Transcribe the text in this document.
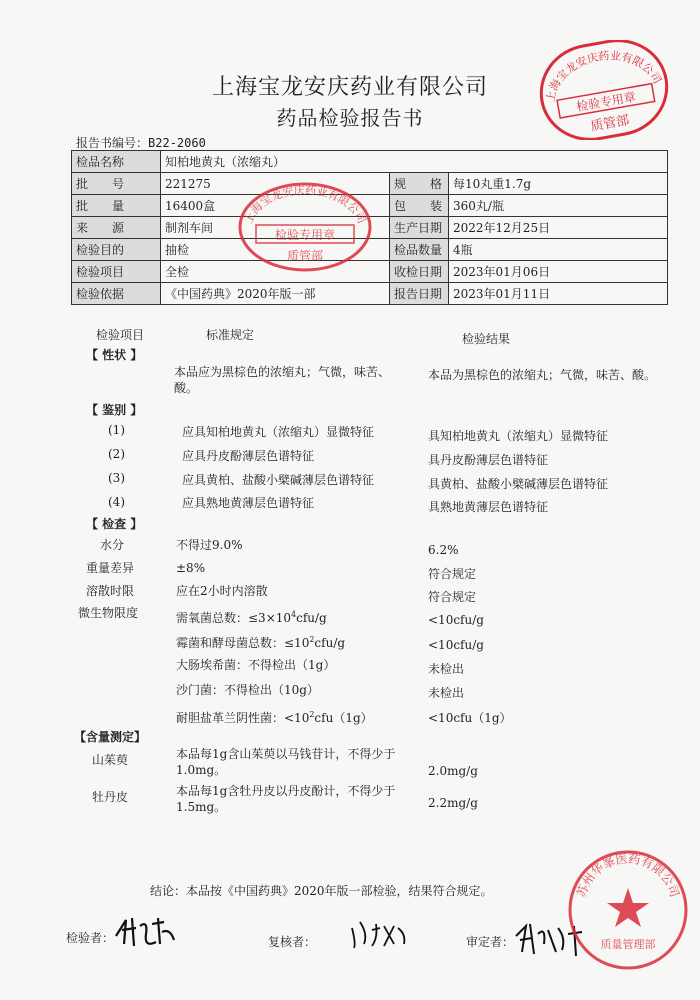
上海宝龙安庆药业有限公司
药品检验报告书
报告书编号：B22-2060
上海宝龙安庆药业有限公司
检验专用章
质管部
检品名称	知柏地黄丸（浓缩丸）		
批　　号	221275	规　　格	每10丸重1.7g
批　　量	16400盒	包　　装	360丸/瓶
来　　源	制剂车间	生产日期	2022年12月25日
检验目的	抽检	检品数量	4瓶
检验项目	全检	收检日期	2023年01月06日
检验依据	《中国药典》2020年版一部	报告日期	2023年01月11日
上海宝龙安庆药业有限公司
检验专用章
质管部
检验项目	标准规定	检验结果
【 性状 】
本品应为黑棕色的浓缩丸；气微，味苦、酸。
本品为黑棕色的浓缩丸；气微，味苦、酸。
【 鉴别 】
(1)	应具知柏地黄丸（浓缩丸）显微特征	具知柏地黄丸（浓缩丸）显微特征
(2)	应具丹皮酚薄层色谱特征	具丹皮酚薄层色谱特征
(3)	应具黄柏、盐酸小檗碱薄层色谱特征	具黄柏、盐酸小檗碱薄层色谱特征
(4)	应具熟地黄薄层色谱特征	具熟地黄薄层色谱特征
【 检查 】
水分	不得过9.0%	6.2%
重量差异	±8%	符合规定
溶散时限	应在2小时内溶散	符合规定
微生物限度	需氧菌总数：$\le 3\times 10^4cfu/g$	<10cfu/g
霉菌和酵母菌总数：$\le 10^2cfu/g$	<10cfu/g
大肠埃希菌：不得检出（1g）	未检出
沙门菌：不得检出（10g）	未检出
耐胆盐革兰阴性菌：$<10^2cfu(1g)$	<10cfu（1g）
【含量测定】
山茱萸	本品每1g含山茱萸以马钱苷计，不得少于1.0mg。	2.0mg/g
牡丹皮	本品每1g含牡丹皮以丹皮酚计，不得少于1.5mg。	2.2mg/g
结论：本品按《中国药典》2020年版一部检验，结果符合规定。
检验者：	复核者：	审定者：
苏州华峯医药有限公司
质量管理部
